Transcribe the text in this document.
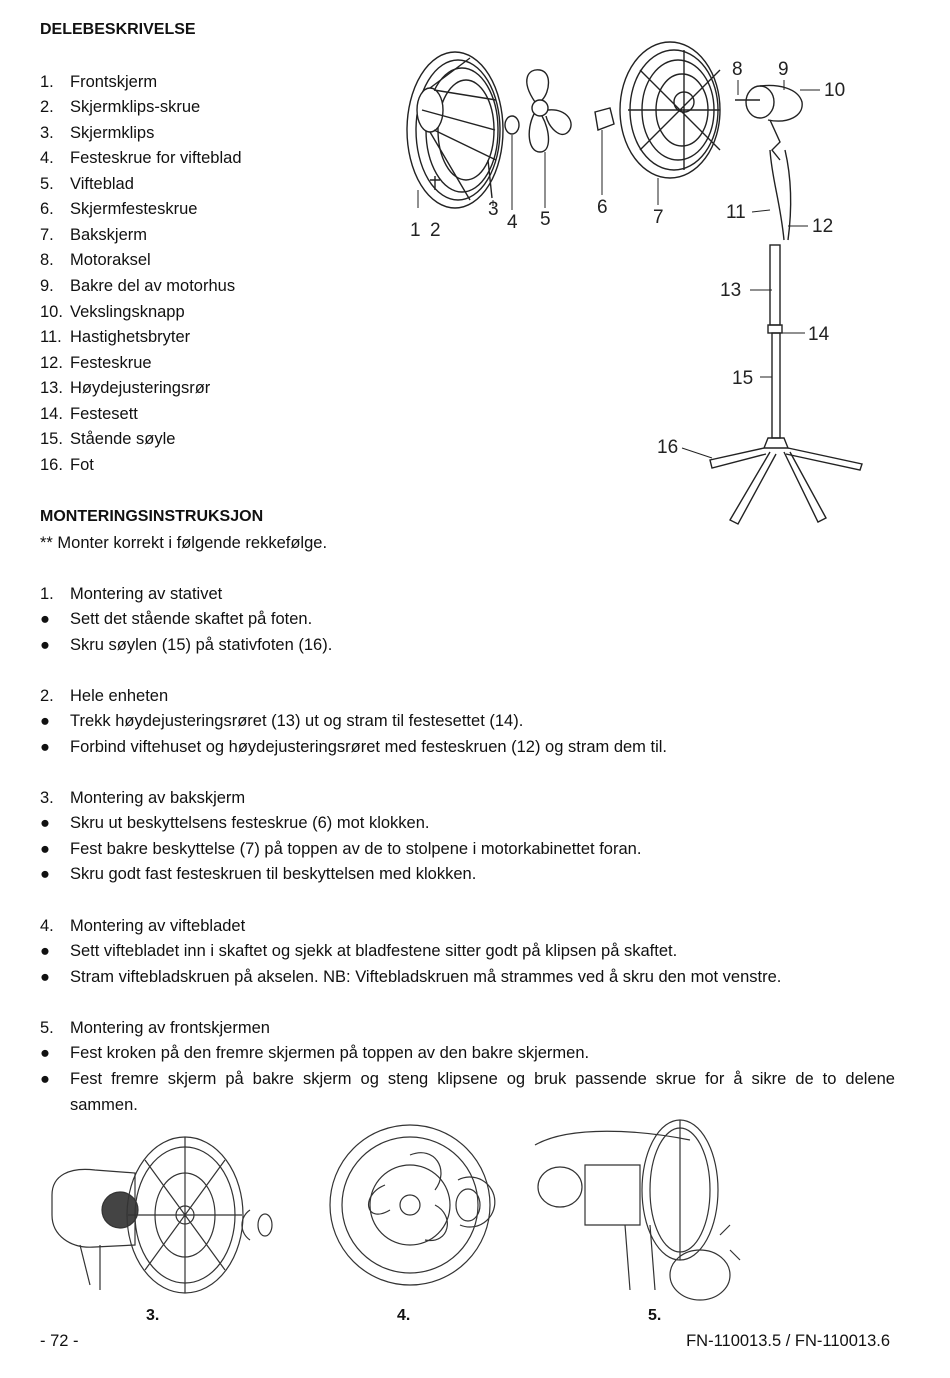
DELEBESKRIVELSE
1. Frontskjerm
2. Skjermklips-skrue
3. Skjermklips
4. Festeskrue for vifteblad
5. Vifteblad
6. Skjermfesteskrue
7. Bakskjerm
8. Motoraksel
9. Bakre del av motorhus
10. Vekslingsknapp
11. Hastighetsbryter
12. Festeskrue
13. Høydejusteringsrør
14. Festesett
15. Stående søyle
16. Fot
1 2
3
4 5
6 7
8 9
10
11
12
13
14
15
16
MONTERINGSINSTRUKSJON
** Monter korrekt i følgende rekkefølge.
1. Montering av stativet
● Sett det stående skaftet på foten.
● Skru søylen (15) på stativfoten (16).
2. Hele enheten
● Trekk høydejusteringsrøret (13) ut og stram til festesettet (14).
● Forbind viftehuset og høydejusteringsrøret med festeskruen (12) og stram dem til.
3. Montering av bakskjerm
● Skru ut beskyttelsens festeskrue (6) mot klokken.
● Fest bakre beskyttelse (7) på toppen av de to stolpene i motorkabinettet foran.
● Skru godt fast festeskruen til beskyttelsen med klokken.
4. Montering av viftebladet
● Sett viftebladet inn i skaftet og sjekk at bladfestene sitter godt på klipsen på skaftet.
● Stram viftebladskruen på akselen. NB: Viftebladskruen må strammes ved å skru den mot venstre.
5. Montering av frontskjermen
● Fest kroken på den fremre skjermen på toppen av den bakre skjermen.
●	Fest fremre skjerm på bakre skjerm og steng klipsene og bruk passende skrue for å sikre de to delene
sammen.
3.	4.	5.
- 72 -	FN-110013.5 / FN-110013.6
